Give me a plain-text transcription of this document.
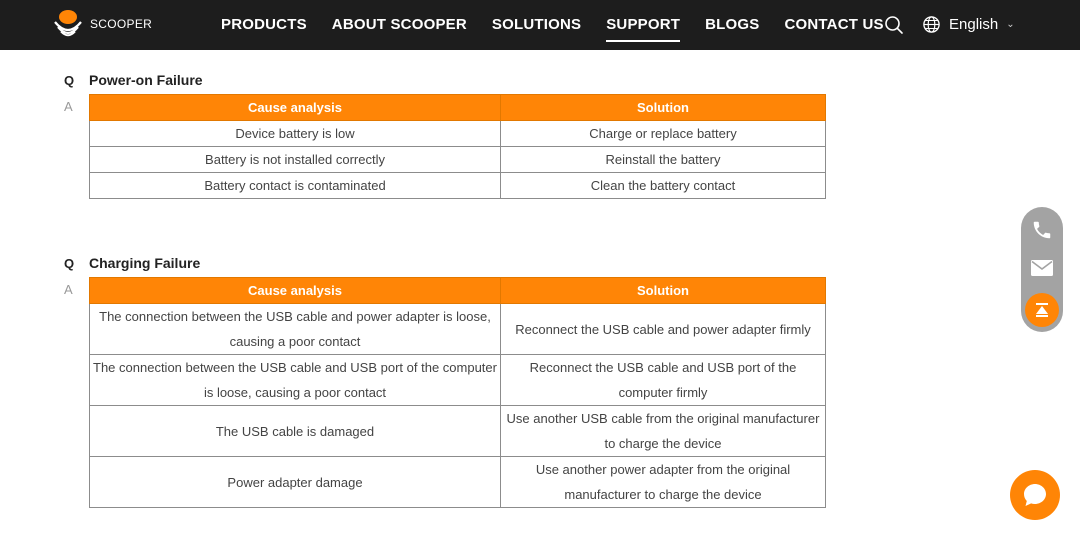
SCOOPER	PRODUCTS ABOUT SCOOPER SOLUTIONS SUPPORT BLOGS CONTACT US	English ⌄
Q	Power-on Failure
A	Cause analysis	Solution
Device battery is low	Charge or replace battery
Battery is not installed correctly	Reinstall the battery
Battery contact is contaminated	Clean the battery contact
Q	Charging Failure
A	Cause analysis	Solution
The connection between the USB cable and power adapter is loose, causing a poor contact	Reconnect the USB cable and power adapter firmly
The connection between the USB cable and USB port of the computer is loose, causing a poor contact	Reconnect the USB cable and USB port of the computer firmly
The USB cable is damaged	Use another USB cable from the original manufacturer to charge the device
Power adapter damage	Use another power adapter from the original manufacturer to charge the device
